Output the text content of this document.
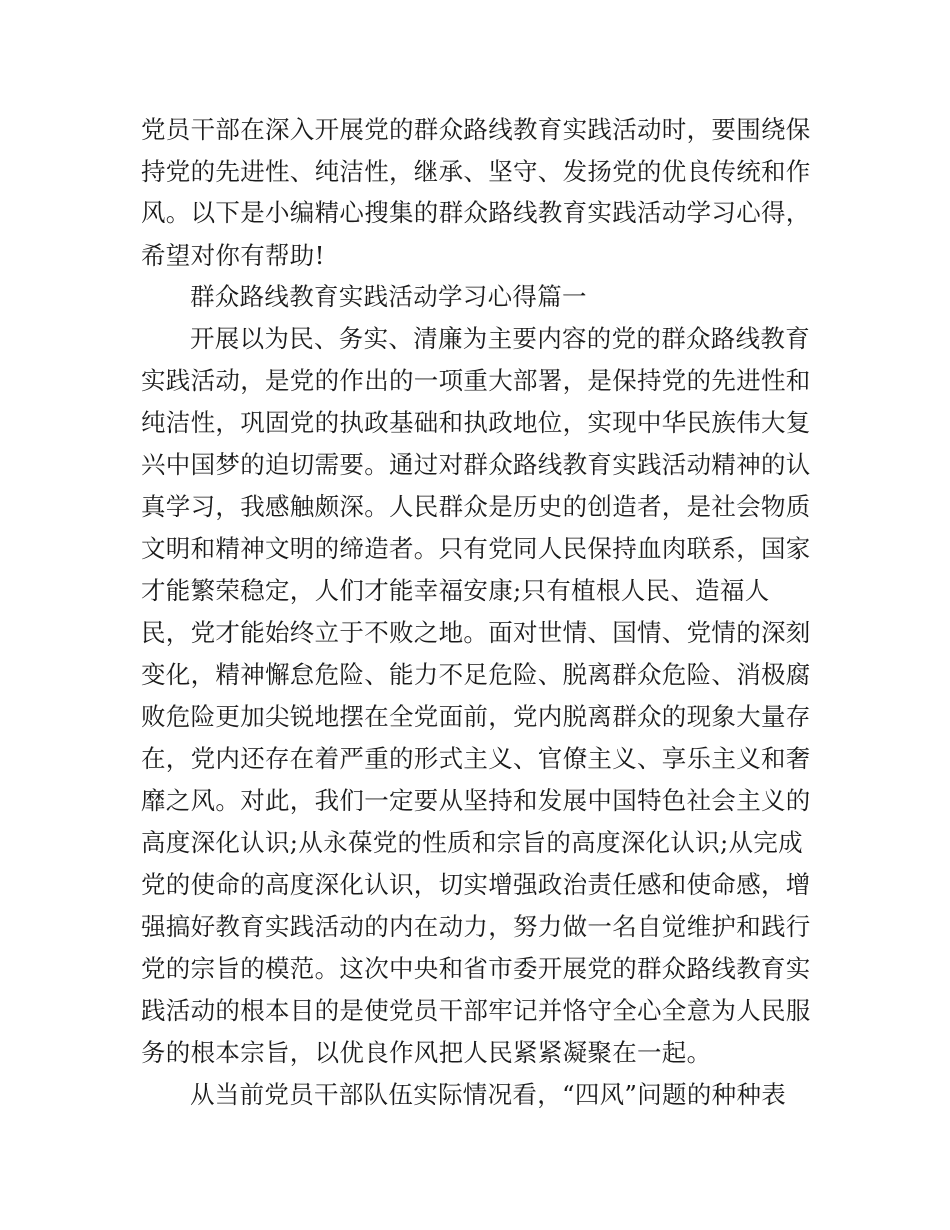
党员干部在深入开展党的群众路线教育实践活动时，要围绕保
持党的先进性、纯洁性，继承、坚守、发扬党的优良传统和作
风。以下是小编精心搜集的群众路线教育实践活动学习心得，
希望对你有帮助!
群众路线教育实践活动学习心得篇一
开展以为民、务实、清廉为主要内容的党的群众路线教育
实践活动，是党的作出的一项重大部署，是保持党的先进性和
纯洁性，巩固党的执政基础和执政地位，实现中华民族伟大复
兴中国梦的迫切需要。通过对群众路线教育实践活动精神的认
真学习，我感触颇深。人民群众是历史的创造者，是社会物质
文明和精神文明的缔造者。只有党同人民保持血肉联系，国家
才能繁荣稳定，人们才能幸福安康;只有植根人民、造福人
民，党才能始终立于不败之地。面对世情、国情、党情的深刻
变化，精神懈怠危险、能力不足危险、脱离群众危险、消极腐
败危险更加尖锐地摆在全党面前，党内脱离群众的现象大量存
在，党内还存在着严重的形式主义、官僚主义、享乐主义和奢
靡之风。对此，我们一定要从坚持和发展中国特色社会主义的
高度深化认识;从永葆党的性质和宗旨的高度深化认识;从完成
党的使命的高度深化认识，切实增强政治责任感和使命感，增
强搞好教育实践活动的内在动力，努力做一名自觉维护和践行
党的宗旨的模范。这次中央和省市委开展党的群众路线教育实
践活动的根本目的是使党员干部牢记并恪守全心全意为人民服
务的根本宗旨，以优良作风把人民紧紧凝聚在一起。
从当前党员干部队伍实际情况看，“四风”问题的种种表
